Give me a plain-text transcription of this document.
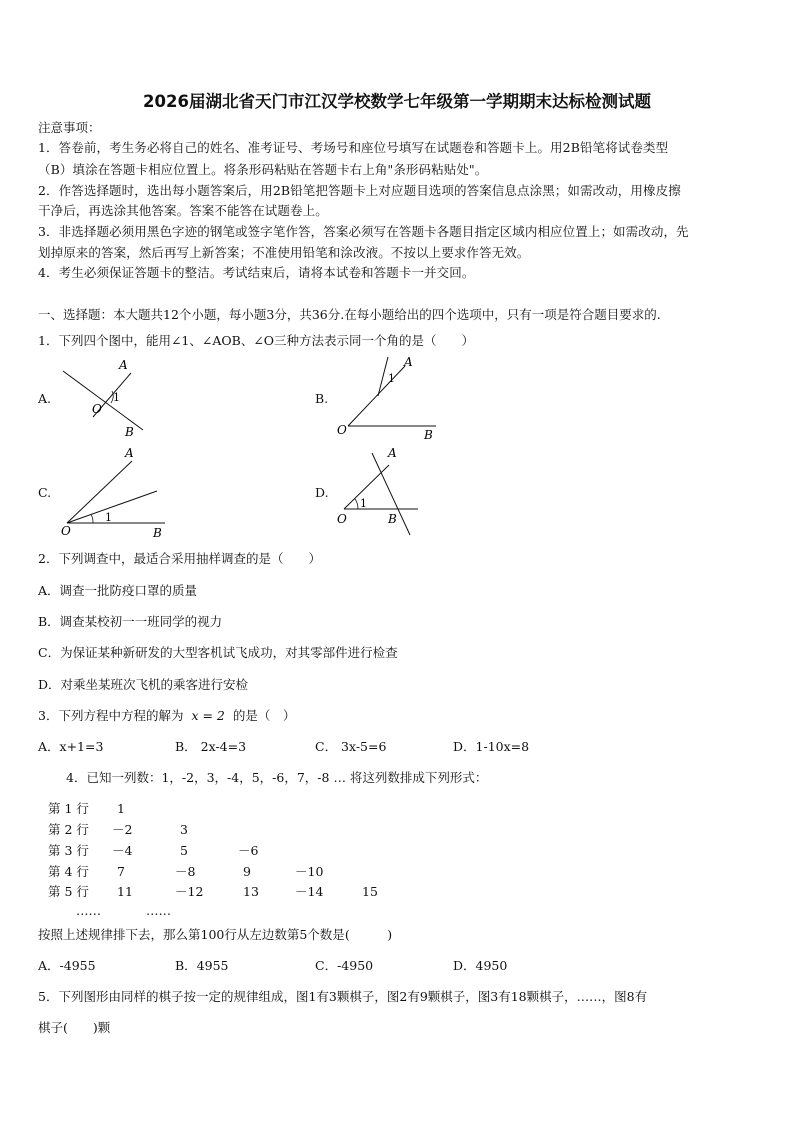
2026届湖北省天门市江汉学校数学七年级第一学期期末达标检测试题
注意事项：
1．答卷前，考生务必将自己的姓名、准考证号、考场号和座位号填写在试题卷和答题卡上。用2B铅笔将试卷类型
（B）填涂在答题卡相应位置上。将条形码粘贴在答题卡右上角"条形码粘贴处"。
2．作答选择题时，选出每小题答案后，用2B铅笔把答题卡上对应题目选项的答案信息点涂黑；如需改动，用橡皮擦
干净后，再选涂其他答案。答案不能答在试题卷上。
3．非选择题必须用黑色字迹的钢笔或签字笔作答，答案必须写在答题卡各题目指定区域内相应位置上；如需改动，先
划掉原来的答案，然后再写上新答案；不准使用铅笔和涂改液。不按以上要求作答无效。
4．考生必须保证答题卡的整洁。考试结束后，请将本试卷和答题卡一并交回。
一、选择题：本大题共12个小题，每小题3分，共36分.在每小题给出的四个选项中，只有一项是符合题目要求的.
1．下列四个图中，能用∠1、∠AOB、∠O三种方法表示同一个角的是（　　）
A.	B.
C.	D.
A
O
1
B
A
1
O	B
A
1
O	B
A
1
O	B
2．下列调查中，最适合采用抽样调查的是（　　）
A．调查一批防疫口罩的质量
B．调查某校初一一班同学的视力
C．为保证某种新研发的大型客机试飞成功，对其零部件进行检查
D．对乘坐某班次飞机的乘客进行安检
3．下列方程中方程的解为 x = 2 的是（　）
A．x+1=3	B． 2x-4=3	C． 3x-5=6	D．1-10x=8
4．已知一列数：1，-2，3，-4，5，-6，7，-8 … 将这列数排成下列形式：
第 1 行 1
第 2 行 －2	3
第 3 行 －4	5	－6
第 4 行 7	－8	9	－10
第 5 行 11	－12	13	－14	15
……	……
按照上述规律排下去，那么第100行从左边数第5个数是(　　　)
A．-4955	B．4955	C．-4950	D．4950
5．下列图形由同样的棋子按一定的规律组成，图1有3颗棋子，图2有9颗棋子，图3有18颗棋子，……，图8有
棋子(　　)颗
